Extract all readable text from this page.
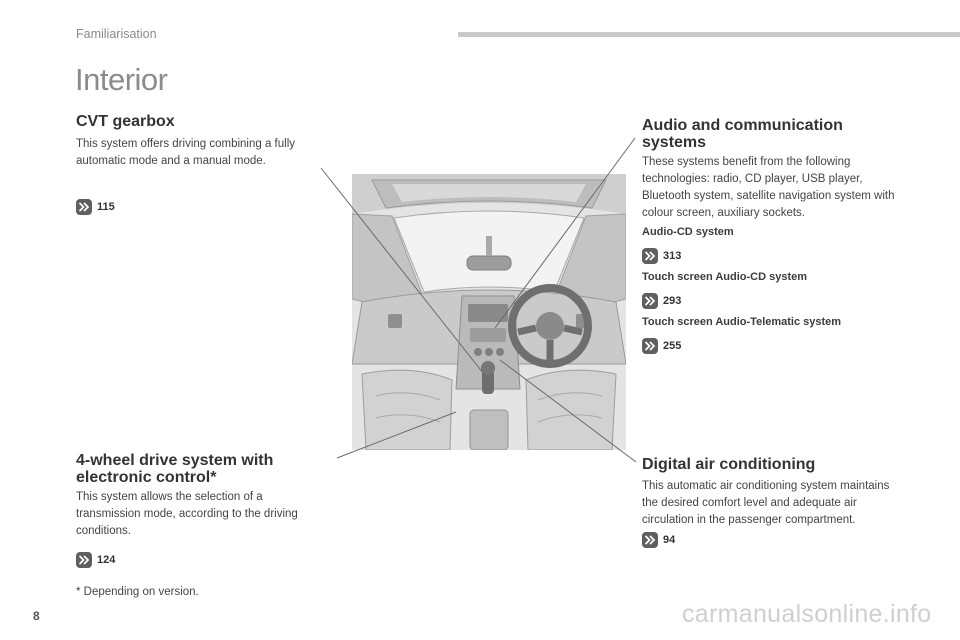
Familiarisation
Interior
CVT gearbox
This system offers driving combining a fully automatic mode and a manual mode.
115
4-wheel drive system with electronic control*
This system allows the selection of a transmission mode, according to the driving conditions.
124
* Depending on version.
Audio and communication systems
These systems benefit from the following technologies: radio, CD player, USB player, Bluetooth system, satellite navigation system with colour screen, auxiliary sockets.
Audio-CD system
313
Touch screen Audio-CD system
293
Touch screen Audio-Telematic system
255
Digital air conditioning
This automatic air conditioning system maintains the desired comfort level and adequate air circulation in the passenger compartment.
94
8	carmanualsonline.info
